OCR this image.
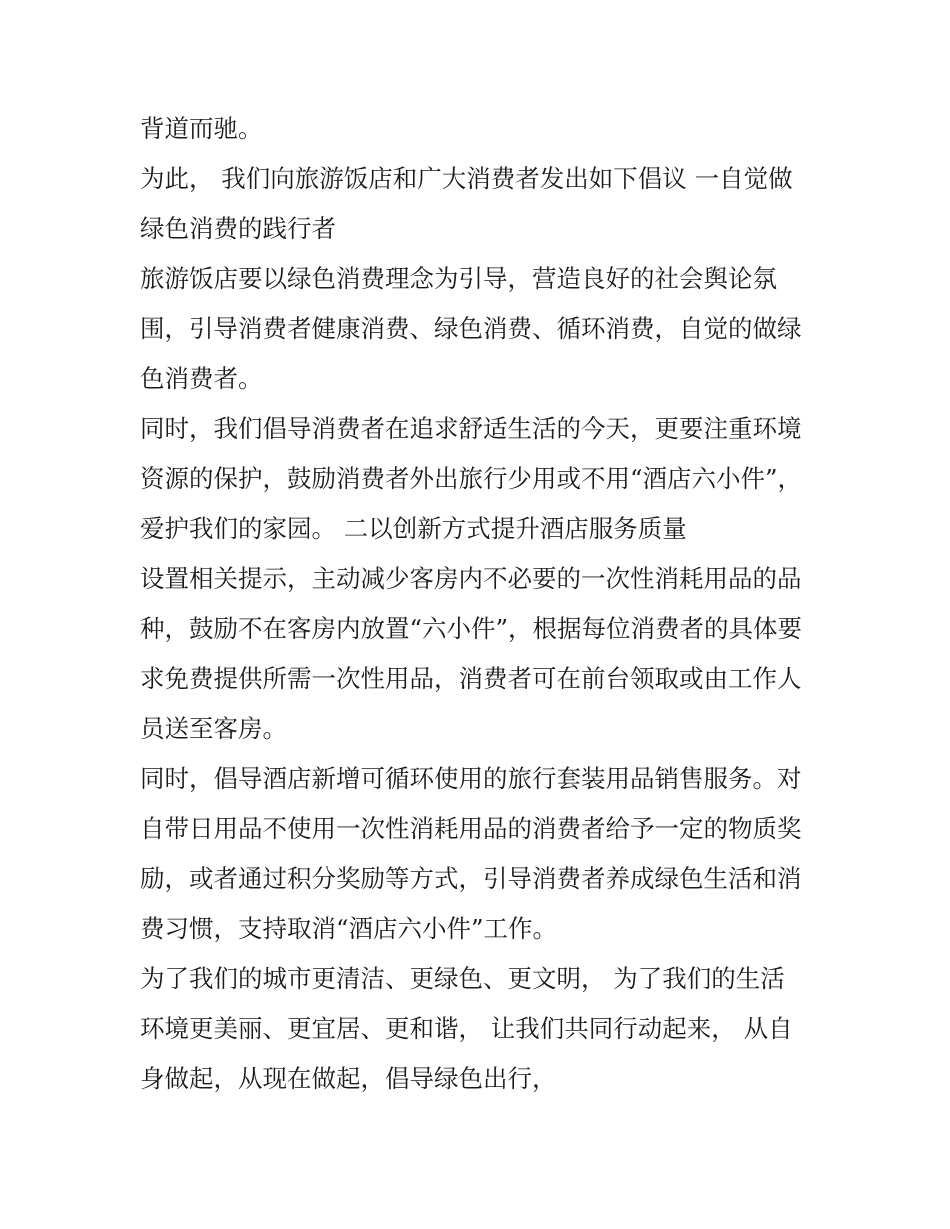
背道而驰。
为此， 我们向旅游饭店和广大消费者发出如下倡议 一自觉做
绿色消费的践行者
旅游饭店要以绿色消费理念为引导，营造良好的社会舆论氛
围，引导消费者健康消费、绿色消费、循环消费，自觉的做绿
色消费者。
同时，我们倡导消费者在追求舒适生活的今天，更要注重环境
资源的保护，鼓励消费者外出旅行少用或不用“酒店六小件”，
爱护我们的家园。 二以创新方式提升酒店服务质量
设置相关提示，主动减少客房内不必要的一次性消耗用品的品
种，鼓励不在客房内放置“六小件”，根据每位消费者的具体要
求免费提供所需一次性用品，消费者可在前台领取或由工作人
员送至客房。
同时，倡导酒店新增可循环使用的旅行套装用品销售服务。对
自带日用品不使用一次性消耗用品的消费者给予一定的物质奖
励，或者通过积分奖励等方式，引导消费者养成绿色生活和消
费习惯，支持取消“酒店六小件”工作。
为了我们的城市更清洁、更绿色、更文明， 为了我们的生活
环境更美丽、更宜居、更和谐， 让我们共同行动起来， 从自
身做起，从现在做起，倡导绿色出行，
